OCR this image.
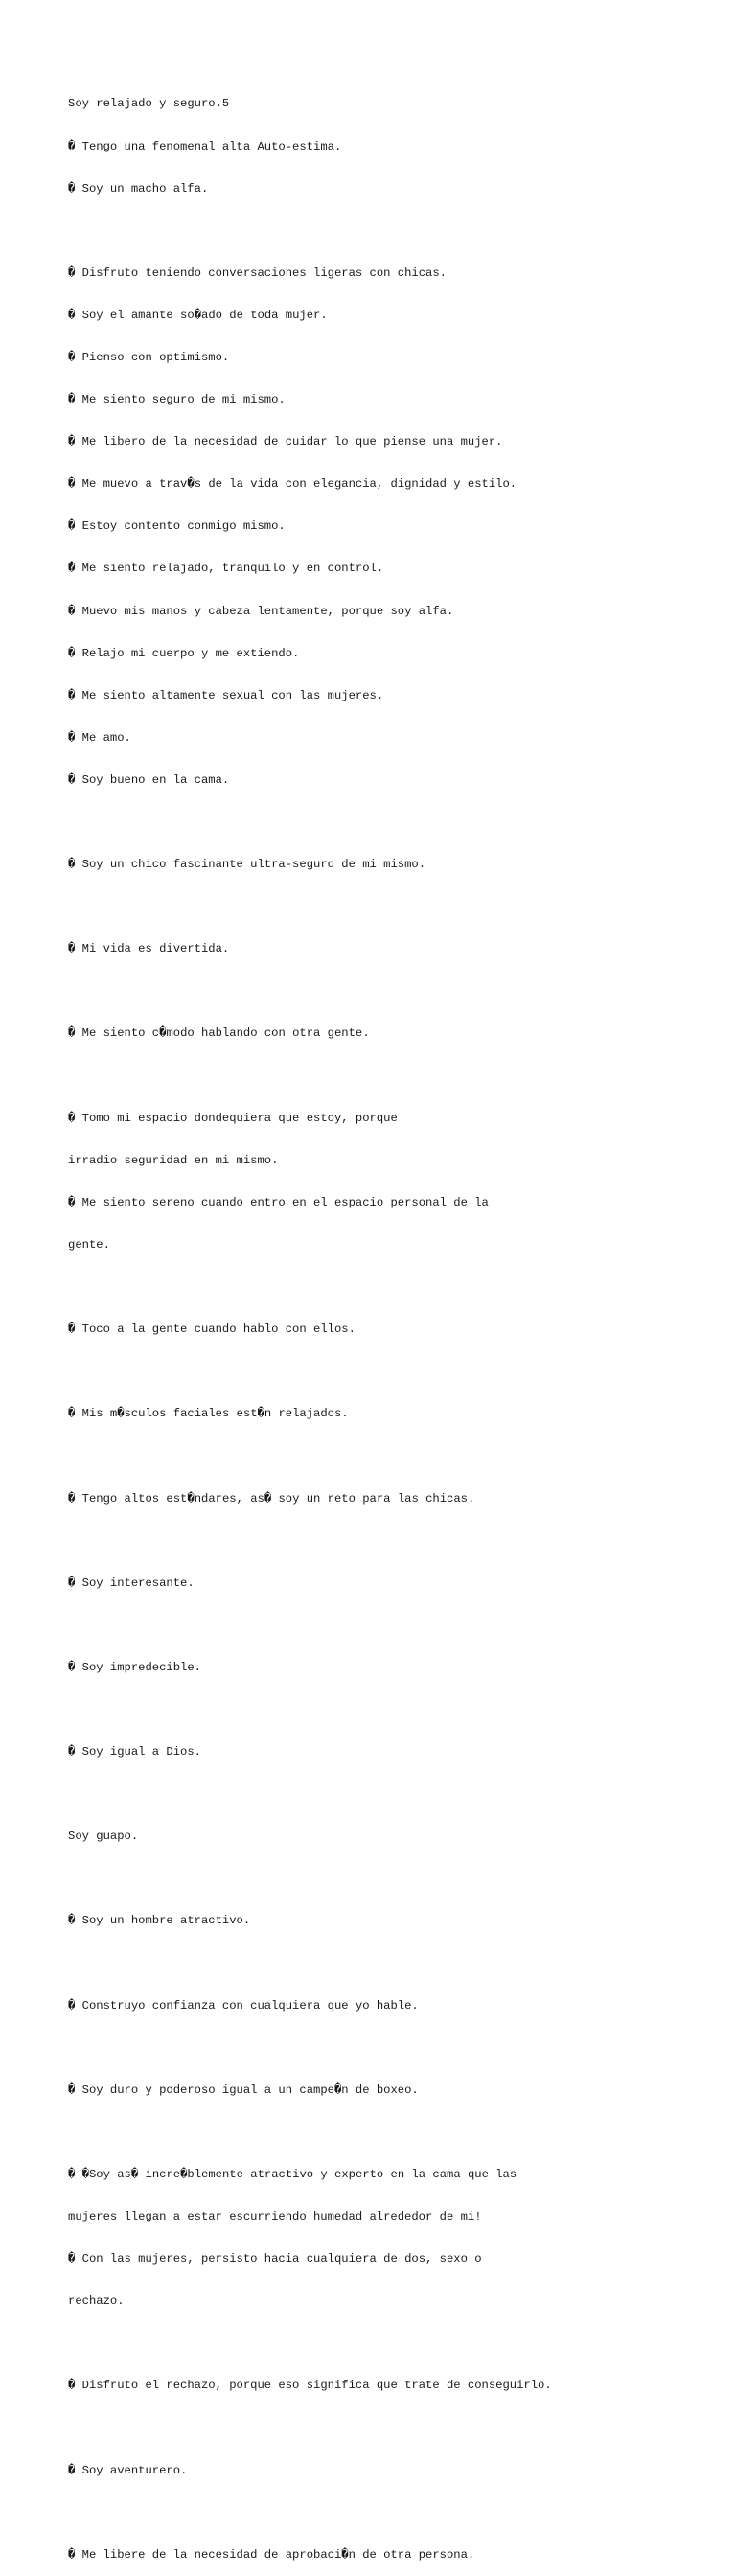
Soy relajado y seguro.5

� Tengo una fenomenal alta Auto-estima.

� Soy un macho alfa.

� Disfruto teniendo conversaciones ligeras con chicas.

� Soy el amante so�ado de toda mujer.

� Pienso con optimismo.

� Me siento seguro de mi mismo.

� Me libero de la necesidad de cuidar lo que piense una mujer.

� Me muevo a trav�s de la vida con elegancia, dignidad y estilo.

� Estoy contento conmigo mismo.

� Me siento relajado, tranquilo y en control.

� Muevo mis manos y cabeza lentamente, porque soy alfa.

� Relajo mi cuerpo y me extiendo.

� Me siento altamente sexual con las mujeres.

� Me amo.

� Soy bueno en la cama.

� Soy un chico fascinante ultra-seguro de mi mismo.

� Mi vida es divertida.

� Me siento c�modo hablando con otra gente.

� Tomo mi espacio dondequiera que estoy, porque

irradio seguridad en mi mismo.

� Me siento sereno cuando entro en el espacio personal de la

gente.

� Toco a la gente cuando hablo con ellos.

� Mis m�sculos faciales est�n relajados.

� Tengo altos est�ndares, as� soy un reto para las chicas.

� Soy interesante.

� Soy impredecible.

� Soy igual a Dios.

Soy guapo.

� Soy un hombre atractivo.

� Construyo confianza con cualquiera que yo hable.

� Soy duro y poderoso igual a un campe�n de boxeo.

� �Soy as� incre�blemente atractivo y experto en la cama que las

mujeres llegan a estar escurriendo humedad alrededor de mi!

� Con las mujeres, persisto hacia cualquiera de dos, sexo o

rechazo.

� Disfruto el rechazo, porque eso significa que trate de conseguirlo.

� Soy aventurero.

� Me libere de la necesidad de aprobaci�n de otra persona.
